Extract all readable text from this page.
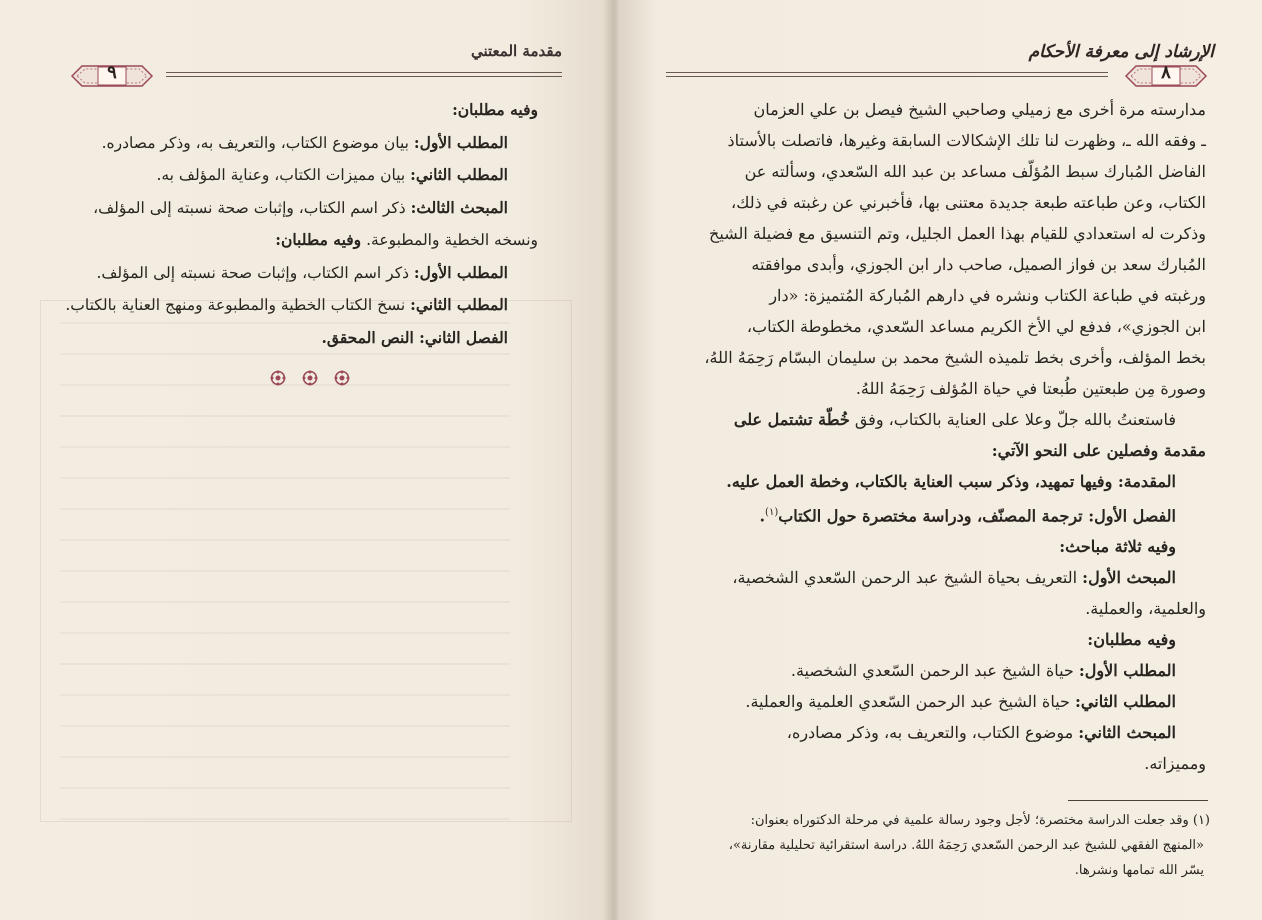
مقدمة المعتني
٩
وفيه مطلبان:
المطلب الأول: بيان موضوع الكتاب، والتعريف به، وذكر مصادره.
المطلب الثاني: بيان مميزات الكتاب، وعناية المؤلف به.
المبحث الثالث: ذكر اسم الكتاب، وإثبات صحة نسبته إلى المؤلف،
ونسخه الخطية والمطبوعة. وفيه مطلبان:
المطلب الأول: ذكر اسم الكتاب، وإثبات صحة نسبته إلى المؤلف.
المطلب الثاني: نسخ الكتاب الخطية والمطبوعة ومنهج العناية بالكتاب.
الفصل الثاني: النص المحقق.
الإرشاد إلى معرفة الأحكام
٨
مدارسته مرة أخرى مع زميلي وصاحبي الشيخ فيصل بن علي العزمان
ـ وفقه الله ـ، وظهرت لنا تلك الإشكالات السابقة وغيرها، فاتصلت بالأستاذ
الفاضل المُبارك سبط المُؤلّف مساعد بن عبد الله السّعدي، وسألته عن
الكتاب، وعن طباعته طبعة جديدة معتنى بها، فأخبرني عن رغبته في ذلك،
وذكرت له استعدادي للقيام بهذا العمل الجليل، وتم التنسيق مع فضيلة الشيخ
المُبارك سعد بن فواز الصميل، صاحب دار ابن الجوزي، وأبدى موافقته
ورغبته في طباعة الكتاب ونشره في دارهم المُباركة المُتميزة: «دار
ابن الجوزي»، فدفع لي الأخ الكريم مساعد السّعدي، مخطوطة الكتاب،
بخط المؤلف، وأخرى بخط تلميذه الشيخ محمد بن سليمان البسّام رَحِمَهُ اللهُ،
وصورة مِن طبعتين طُبعتا في حياة المُؤلف رَحِمَهُ اللهُ.
فاستعنتُ بالله جلّ وعلا على العناية بالكتاب، وفق خُطّة تشتمل على
مقدمة وفصلين على النحو الآتي:
المقدمة: وفيها تمهيد، وذكر سبب العناية بالكتاب، وخطة العمل عليه.
الفصل الأول: ترجمة المصنّف، ودراسة مختصرة حول الكتاب$^{(١)}$.
وفيه ثلاثة مباحث:
المبحث الأول: التعريف بحياة الشيخ عبد الرحمن السّعدي الشخصية،
والعلمية، والعملية.
وفيه مطلبان:
المطلب الأول: حياة الشيخ عبد الرحمن السّعدي الشخصية.
المطلب الثاني: حياة الشيخ عبد الرحمن السّعدي العلمية والعملية.
المبحث الثاني: موضوع الكتاب، والتعريف به، وذكر مصادره،
ومميزاته.
(١) وقد جعلت الدراسة مختصرة؛ لأجل وجود رسالة علمية في مرحلة الدكتوراه بعنوان:
«المنهج الفقهي للشيخ عبد الرحمن السّعدي رَحِمَهُ اللهُ. دراسة استقرائية تحليلية مقارنة»،
يسّر الله تمامها ونشرها.
